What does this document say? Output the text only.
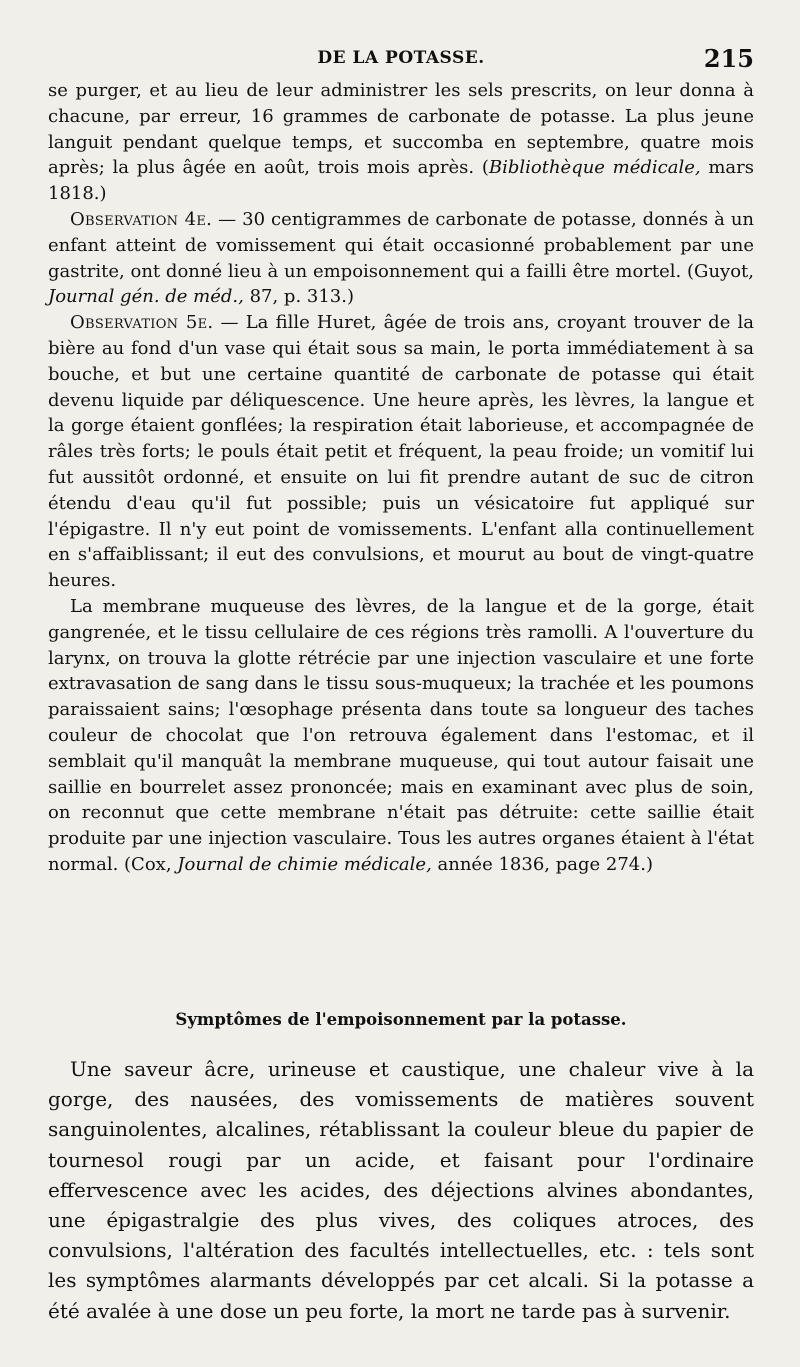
DE LA POTASSE.	215

se purger, et au lieu de leur administrer les sels prescrits, on leur donna à chacune, par erreur, 16 grammes de carbonate de potasse. La plus jeune languit pendant quelque temps, et succomba en septembre, quatre mois après; la plus âgée en août, trois mois après. (Bibliothèque médicale, mars 1818.)

Observation 4e. — 30 centigrammes de carbonate de potasse, donnés à un enfant atteint de vomissement qui était occasionné probablement par une gastrite, ont donné lieu à un empoisonnement qui a failli être mortel. (Guyot, Journal gén. de méd., 87, p. 313.)

Observation 5e. — La fille Huret, âgée de trois ans, croyant trouver de la bière au fond d'un vase qui était sous sa main, le porta immédiatement à sa bouche, et but une certaine quantité de carbonate de potasse qui était devenu liquide par déliquescence. Une heure après, les lèvres, la langue et la gorge étaient gonflées; la respiration était laborieuse, et accompagnée de râles très forts; le pouls était petit et fréquent, la peau froide; un vomitif lui fut aussitôt ordonné, et ensuite on lui fit prendre autant de suc de citron étendu d'eau qu'il fut possible; puis un vésicatoire fut appliqué sur l'épigastre. Il n'y eut point de vomissements. L'enfant alla continuellement en s'affaiblissant; il eut des convulsions, et mourut au bout de vingt-quatre heures.

La membrane muqueuse des lèvres, de la langue et de la gorge, était gangrenée, et le tissu cellulaire de ces régions très ramolli. A l'ouverture du larynx, on trouva la glotte rétrécie par une injection vasculaire et une forte extravasation de sang dans le tissu sous-muqueux; la trachée et les poumons paraissaient sains; l'œsophage présenta dans toute sa longueur des taches couleur de chocolat que l'on retrouva également dans l'estomac, et il semblait qu'il manquât la membrane muqueuse, qui tout autour faisait une saillie en bourrelet assez prononcée; mais en examinant avec plus de soin, on reconnut que cette membrane n'était pas détruite: cette saillie était produite par une injection vasculaire. Tous les autres organes étaient à l'état normal. (Cox, Journal de chimie médicale, année 1836, page 274.)

Symptômes de l'empoisonnement par la potasse.

Une saveur âcre, urineuse et caustique, une chaleur vive à la gorge, des nausées, des vomissements de matières souvent sanguinolentes, alcalines, rétablissant la couleur bleue du papier de tournesol rougi par un acide, et faisant pour l'ordinaire effervescence avec les acides, des déjections alvines abondantes, une épigastralgie des plus vives, des coliques atroces, des convulsions, l'altération des facultés intellectuelles, etc. : tels sont les symptômes alarmants développés par cet alcali. Si la potasse a été avalée à une dose un peu forte, la mort ne tarde pas à survenir.
